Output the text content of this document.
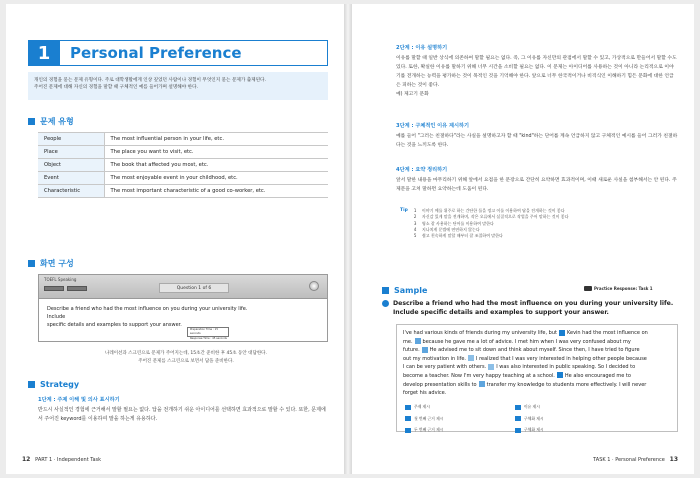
1	Personal Preference
개인의 경험을 묻는 문제 유형이다. 주로 대학생활에게 인상 깊었던 사람이나 경험이 무엇인지 묻는 문제가 출제된다.
주어진 문제에 대해 자신의 경험을 말할 때 구체적인 예를 들어가며 설명해야 한다.
문제 유형
People	The most influential person in your life, etc.
Place	The place you want to visit, etc.
Object	The book that affected you most, etc.
Event	The most enjoyable event in your childhood, etc.
Characteristic	The most important characteristic of a good co-worker, etc.
화면 구성
TOEFL Speaking
Question 1 of 6
Describe a friend who had the most influence on you during your university life. Include
specific details and examples to support your answer.
Preparation Time : 15 seconds
Response Time : 45 seconds
나레이션과 스크린으로 문제가 주어지는데, 15초간 준비한 후 45초 동안 대답한다.
주어진 문제를 스크린으로 보면서 답을 준비한다.
Strategy
1단계 : 주제 이해 및 의사 표시하기
반드시 사실적인 경험에 근거해서 말할 필요는 없다. 답을 전개하기 쉬운 아이디어를 선택하면 효과적으로 말할 수 있다. 또한, 문제에서 주어진 keyword를 이용하여 말을 하는게 유용하다.
12 PART 1 · Independent Task
2단계 : 이유 설명하기
이유를 말할 때 일반 상식에 의존하여 말할 필요는 없다. 즉, 그 이유를 자신만의 관점에서 말할 수 있고, 가상적으로 만들어서 말할 수도 있다. 또한, 확실한 이유를 말하기 위해 너무 시간을 소비할 필요는 없다. 이 문제는 아이디어를 사용하는 것이 아니라 논리적으로 이야기를 전개하는 능력을 평가하는 것이 목적인 것을 기억해야 한다. 앞으로 너무 한국적이거나 비격식인 이해하기 힘든 문화에 대한 언급은 피하는 것이 좋다.
예) 제고기 문화
3단계 : 구체적인 이유 제시하기
예를 들어 "그러는 친절하다"라는 사실을 설명하고자 할 때 "kind"하는 단어를 계속 언급하지 않고 구체적인 예시를 들어 그러가 친절하다는 것을 느끼도록 한다.
4단계 : 요약 정리하기
앞서 말한 내용을 마무리하기 위해 앞에서 요점을 한 문장으로 간단히 요약하면 효과적이며, 이때 새로운 사실을 첨부해서는 안 된다. 주제문을 고쳐 말하면 요약하는데 도움이 된다.
Tip 1 이야기 예를 위주로 하는 간단한 틀을 정고 이를 이용하여 답을 전개하는 것이 좋다
2 자신감 있게 말을 전개하며, 작은 오류에서 실질적으로 작업을 주어 말하는 것이 좋다
3 영소 잘 사용하는 단어를 이용하여 말한다
4 지나치게 문법에 연연하지 않는다
5 쉽고 친숙하게 말할 때부터 잘 조절하여 말한다
Sample	Practice Response: Task 1
Describe a friend who had the most influence on you during your university life. Include specific details and examples to support your answer.
I've had various kinds of friends during my university life, but Kevin had the most influence on
me. because he gave me a lot of advice. I met him when I was very confused about my
future. He advised me to sit down and think about myself. Since then, I have tried to figure
out my motivation in life. I realized that I was very interested in helping other people because
I can be very patient with others. I was also interested in public speaking. So I decided to
become a teacher. Now I'm very happy teaching at a school. He also encouraged me to
develop presentation skills to transfer my knowledge to students more effectively. I will never
forget his advice.
주제 제시	이유 제시
첫 번째 근거 제시	구체화 제시
두 번째 근거 제시	구체화 제시
TASK 1 · Personal Preference 13
